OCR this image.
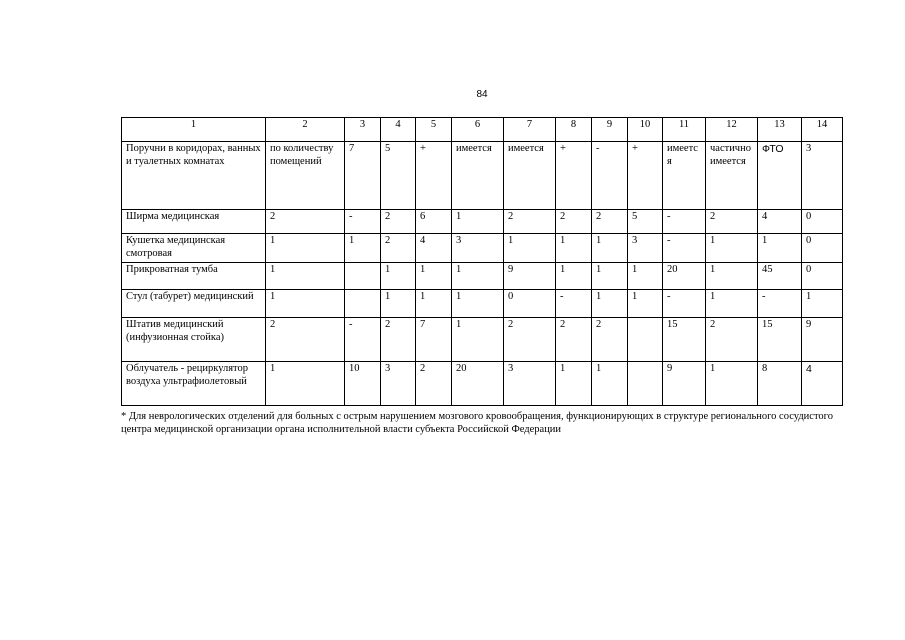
84
1	2	3	4	5	6	7	8	9	10	11	12	13	14
Поручни в коридорах, ванных и туалетных комнатах	по количеству помещений	7	5	+	имеется	имеется	+	-	+	имеется	частично имеется	ФТО	3
Ширма медицинская	2	-	2	6	1	2	2	2	5	-	2	4	0
Кушетка медицинская смотровая	1	1	2	4	3	1	1	1	3	-	1	1	0
Прикроватная тумба	1		1	1	1	9	1	1	1	20	1	45	0
Стул (табурет) медицинский	1		1	1	1	0	-	1	1	-	1	-	1
Штатив медицинский (инфузионная стойка)	2	-	2	7	1	2	2	2		15	2	15	9
Облучатель - рециркулятор воздуха ультрафиолетовый	1	10	3	2	20	3	1	1		9	1	8	4
* Для неврологических отделений для больных с острым нарушением мозгового кровообращения, функционирующих в структуре регионального сосудистого центра медицинской организации органа исполнительной власти субъекта Российской Федерации
